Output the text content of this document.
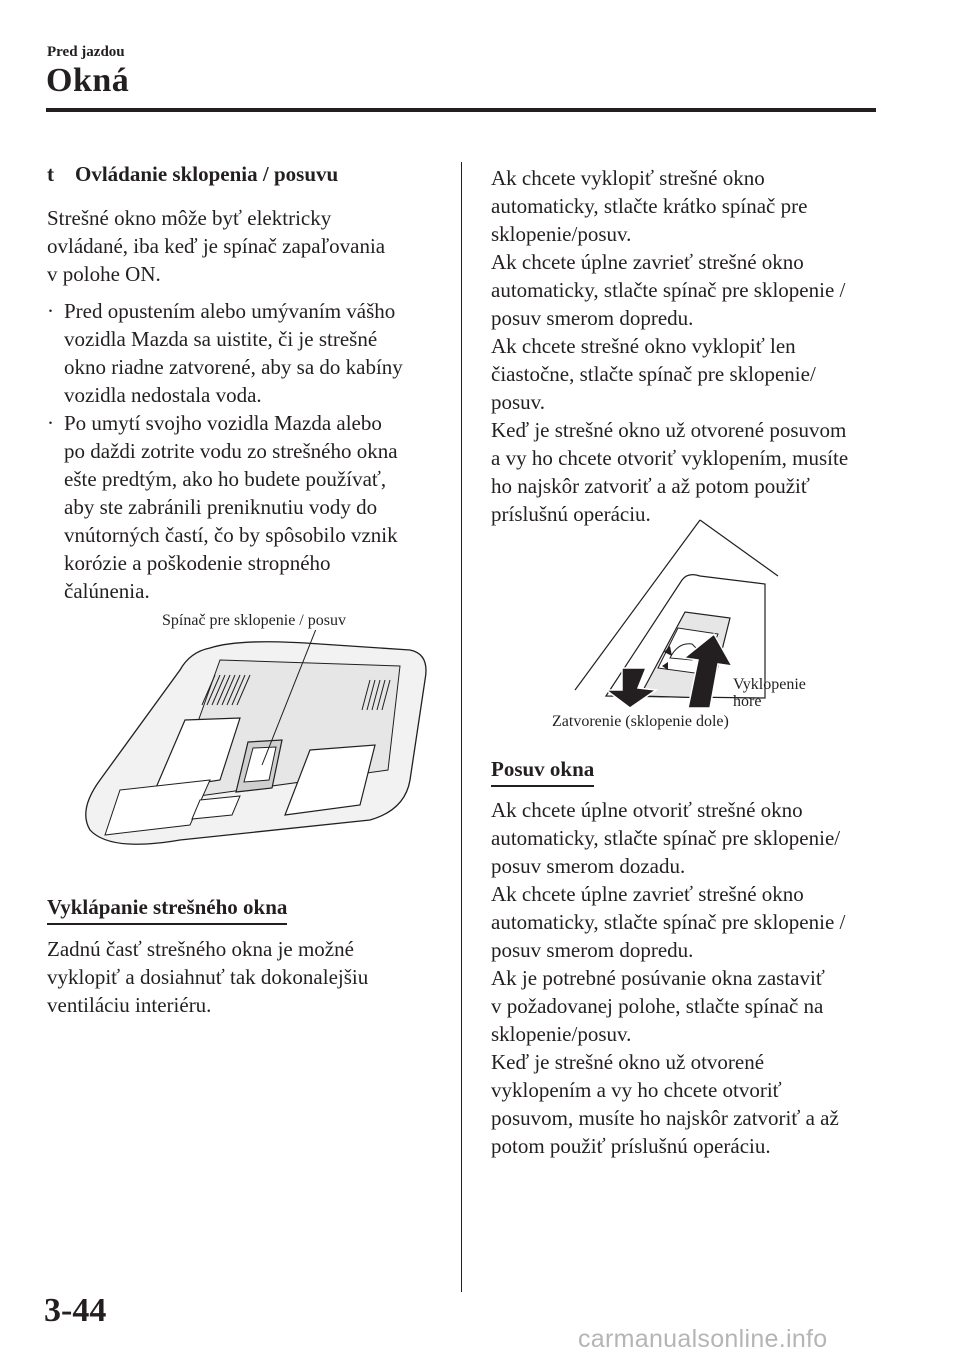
Pred jazdou
Okná
t	Ovládanie sklopenia / posuvu

Strešné okno môže byť elektricky

ovládané, iba keď je spínač zapaľovania

v polohe ON.

· Pred opustením alebo umývaním vášho

vozidla Mazda sa uistite, či je strešné

okno riadne zatvorené, aby sa do kabíny

vozidla nedostala voda.

· Po umytí svojho vozidla Mazda alebo

po daždi zotrite vodu zo strešného okna

ešte predtým, ako ho budete používať,

aby ste zabránili preniknutiu vody do

vnútorných častí, čo by spôsobilo vznik

korózie a poškodenie stropného

čalúnenia.

Spínač pre sklopenie / posuv
Vyklápanie strešného okna

Zadnú časť strešného okna je možné

vyklopiť a dosiahnuť tak dokonalejšiu

ventiláciu interiéru.

Ak chcete vyklopiť strešné okno

automaticky, stlačte krátko spínač pre

sklopenie/posuv.

Ak chcete úplne zavrieť strešné okno

automaticky, stlačte spínač pre sklopenie /

posuv smerom dopredu.

Ak chcete strešné okno vyklopiť len

čiastočne, stlačte spínač pre sklopenie/

posuv.

Keď je strešné okno už otvorené posuvom

a vy ho chcete otvoriť vyklopením, musíte

ho najskôr zatvoriť a až potom použiť

príslušnú operáciu.

Vyklopenie
hore
Zatvorenie (sklopenie dole)
Posuv okna

Ak chcete úplne otvoriť strešné okno

automaticky, stlačte spínač pre sklopenie/

posuv smerom dozadu.

Ak chcete úplne zavrieť strešné okno

automaticky, stlačte spínač pre sklopenie /

posuv smerom dopredu.

Ak je potrebné posúvanie okna zastaviť

v požadovanej polohe, stlačte spínač na

sklopenie/posuv.

Keď je strešné okno už otvorené

vyklopením a vy ho chcete otvoriť

posuvom, musíte ho najskôr zatvoriť a až

potom použiť príslušnú operáciu.

3-44
carmanualsonline.info
